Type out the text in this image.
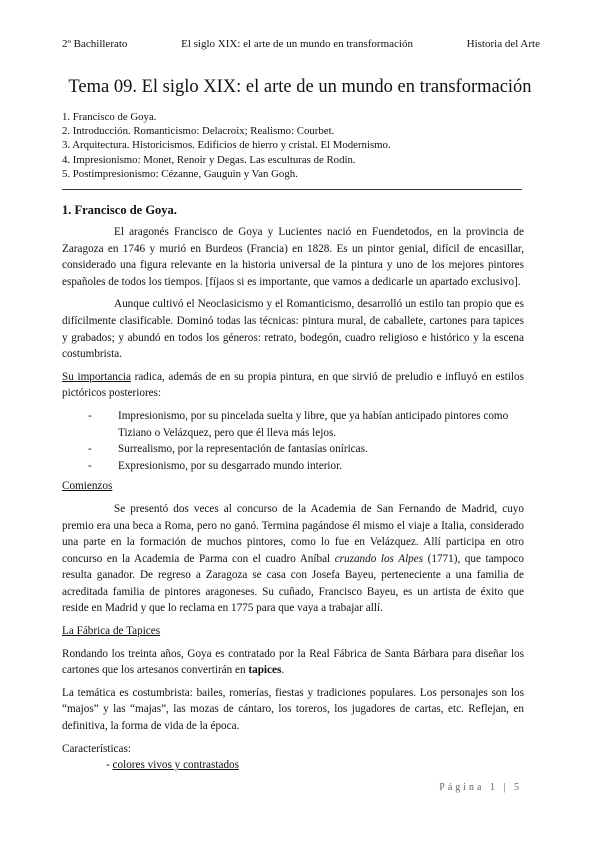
2º Bachillerato	El siglo XIX: el arte de un mundo en transformación	Historia del Arte
Tema 09. El siglo XIX: el arte de un mundo en transformación
1. Francisco de Goya.
2. Introducción. Romanticismo: Delacroix; Realismo: Courbet.
3. Arquitectura. Historicismos. Edificios de hierro y cristal. El Modernismo.
4. Impresionismo: Monet, Renoir y Degas. Las esculturas de Rodin.
5. Postimpresionismo: Cézanne, Gauguin y Van Gogh.
1. Francisco de Goya.

El aragonés Francisco de Goya y Lucientes nació en Fuendetodos, en la provincia de Zaragoza en 1746 y murió en Burdeos (Francia) en 1828. Es un pintor genial, difícil de encasillar, considerado una figura relevante en la historia universal de la pintura y uno de los mejores pintores españoles de todos los tiempos. [fíjaos si es importante, que vamos a dedicarle un apartado exclusivo].

Aunque cultivó el Neoclasicismo y el Romanticismo, desarrolló un estilo tan propio que es difícilmente clasificable. Dominó todas las técnicas: pintura mural, de caballete, cartones para tapices y grabados; y abundó en todos los géneros: retrato, bodegón, cuadro religioso e histórico y la escena costumbrista.

Su importancia radica, además de en su propia pintura, en que sirvió de preludio e influyó en estilos pictóricos posteriores:

- Impresionismo, por su pincelada suelta y libre, que ya habían anticipado pintores como Tiziano o Velázquez, pero que él lleva más lejos.
- Surrealismo, por la representación de fantasías oníricas.
- Expresionismo, por su desgarrado mundo interior.

Comienzos

Se presentó dos veces al concurso de la Academia de San Fernando de Madrid, cuyo premio era una beca a Roma, pero no ganó. Termina pagándose él mismo el viaje a Italia, considerado una parte en la formación de muchos pintores, como lo fue en Velázquez. Allí participa en otro concurso en la Academia de Parma con el cuadro Aníbal cruzando los Alpes (1771), que tampoco resulta ganador. De regreso a Zaragoza se casa con Josefa Bayeu, perteneciente a una familia de acreditada familia de pintores aragoneses. Su cuñado, Francisco Bayeu, es un artista de éxito que reside en Madrid y que lo reclama en 1775 para que vaya a trabajar allí.

La Fábrica de Tapices

Rondando los treinta años, Goya es contratado por la Real Fábrica de Santa Bárbara para diseñar los cartones que los artesanos convertirán en tapices.

La temática es costumbrista: bailes, romerías, fiestas y tradiciones populares. Los personajes son los “majos” y las “majas”, las mozas de cántaro, los toreros, los jugadores de cartas, etc. Reflejan, en definitiva, la forma de vida de la época.

Características:

- colores vivos y contrastados

Página 1 | 5
